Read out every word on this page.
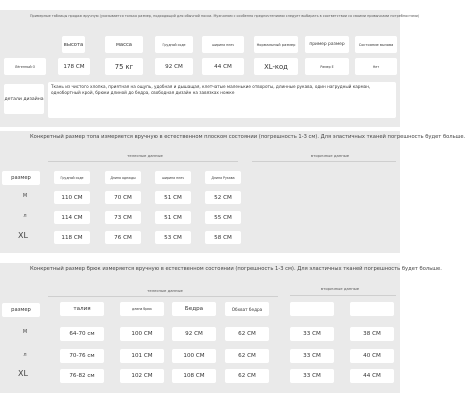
Примерные таблицы продаж вручную (указывается только размер, подходящий для обычной носки. Мужчинам с особенно предпочтениями следует выбирать в соответствии со своими привычками потребностями)
высота	масса	Грудной соде	ширина плеч	Нормальный размер	пример размер	Состояние вызова
Лёгенный О	178 СМ	75 кг	92 СМ	44 СМ	XL-код	Рамер Е	Нет
детали дизайна
Ткань из чистого хлопка, приятная на ощупь, удобная и дышащая, клетчатые маленькие отвороты, длинные рукава, один нагрудный карман, однобортный крой, брюки длиной до бедра, свободная дизайн на завязках ножке
Конкретный размер топа измеряется вручную в естественном плоском состоянии (погрешность 1-3 см). Для эластичных тканей погрешность будет больше.
телесные данные	вторичные данные
размер	Грудной соде	Длина одежды	ширина плеч	Длина Рукава
M	110 СМ	70 СМ	51 СМ	52 СМ
л	114 СМ	73 СМ	51 СМ	55 СМ
XL	118 СМ	76 СМ	53 СМ	58 СМ
Конкретный размер брюк измеряется вручную в естественном состоянии (погрешность 1-3 см). Для эластичных тканей погрешность будет больше.
телесные данные	вторичные данные
размер	талия	длина брюк	Бедра	Обхват бедра
M	64-70 см	100 СМ	92 СМ	62 СМ	33 СМ	38 СМ
л	70-76 см	101 СМ	100 СМ	62 СМ	33 СМ	40 СМ
XL	76-82 см	102 СМ	108 СМ	62 СМ	33 СМ	44 СМ
